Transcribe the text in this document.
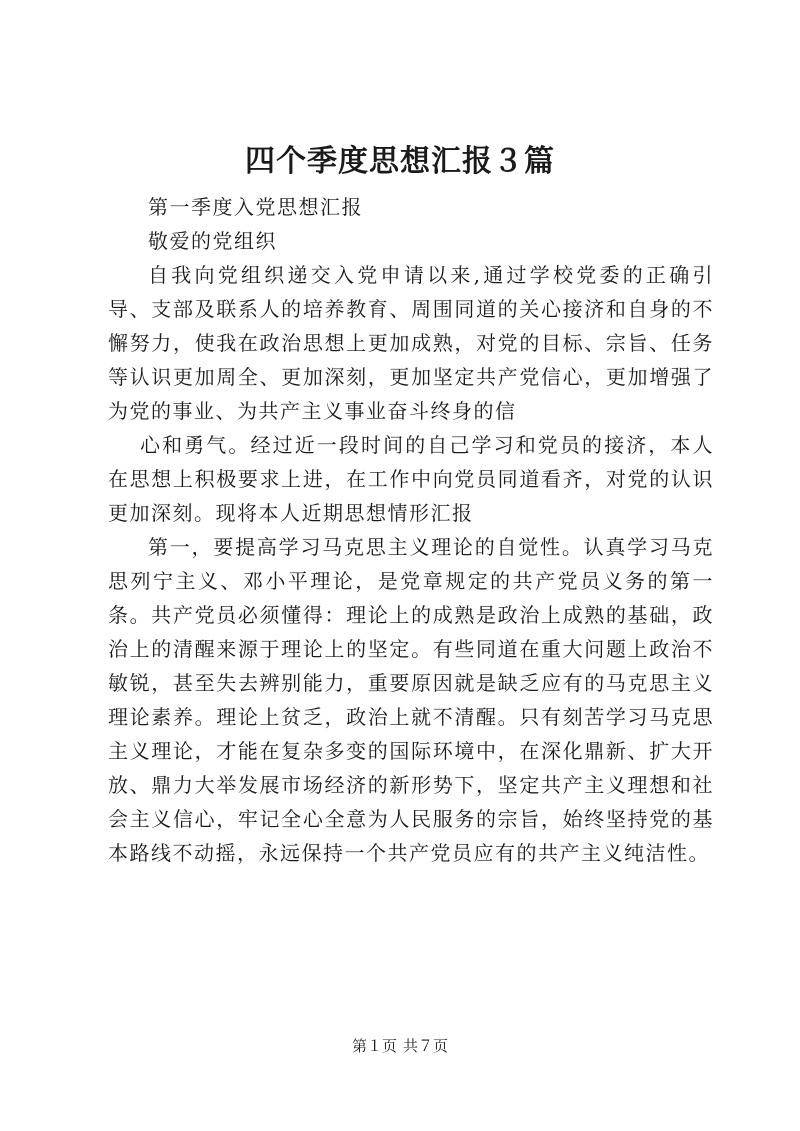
四个季度思想汇报３篇

第一季度入党思想汇报

敬爱的党组织

自我向党组织递交入党申请以来,通过学校党委的正确引导、支部及联系人的培养教育、周围同道的关心接济和自身的不懈努力，使我在政治思想上更加成熟，对党的目标、宗旨、任务等认识更加周全、更加深刻，更加坚定共产党信心，更加增强了为党的事业、为共产主义事业奋斗终身的信

心和勇气。经过近一段时间的自己学习和党员的接济，本人在思想上积极要求上进，在工作中向党员同道看齐，对党的认识更加深刻。现将本人近期思想情形汇报

第一，要提高学习马克思主义理论的自觉性。认真学习马克思列宁主义、邓小平理论，是党章规定的共产党员义务的第一条。共产党员必须懂得：理论上的成熟是政治上成熟的基础，政治上的清醒来源于理论上的坚定。有些同道在重大问题上政治不敏锐，甚至失去辨别能力，重要原因就是缺乏应有的马克思主义理论素养。理论上贫乏，政治上就不清醒。只有刻苦学习马克思主义理论，才能在复杂多变的国际环境中，在深化鼎新、扩大开放、鼎力大举发展市场经济的新形势下，坚定共产主义理想和社会主义信心，牢记全心全意为人民服务的宗旨，始终坚持党的基本路线不动摇，永远保持一个共产党员应有的共产主义纯洁性。

第１页 共７页
